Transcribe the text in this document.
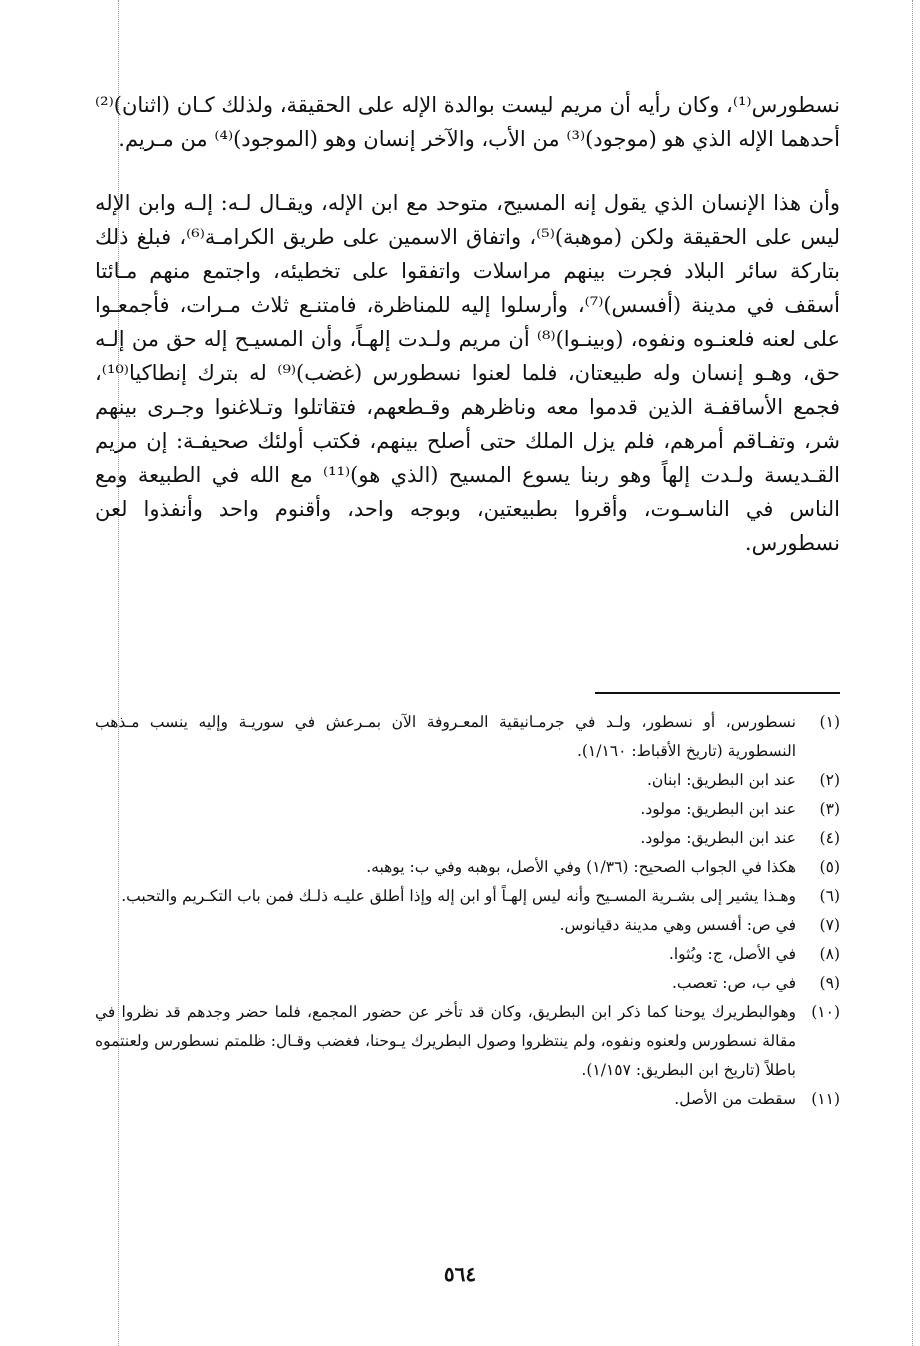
نسطورس⁽¹⁾، وكان رأيه أن مريم ليست بوالدة الإله على الحقيقة، ولذلك كـان (اثنان)⁽²⁾ أحدهما الإله الذي هو (موجود)⁽³⁾ من الأب، والآخر إنسان وهو (الموجود)⁽⁴⁾ من مـريم.

وأن هذا الإنسان الذي يقول إنه المسيح، متوحد مع ابن الإله، ويقـال لـه: إلـه وابن الإله ليس على الحقيقة ولكن (موهبة)⁽⁵⁾، واتفاق الاسمين على طريق الكرامـة⁽⁶⁾، فبلغ ذلك بتاركة سائر البلاد فجرت بينهم مراسلات واتفقوا على تخطيئه، واجتمع منهم مـائتا أسقف في مدينة (أفسس)⁽⁷⁾، وأرسلوا إليه للمناظرة، فامتنـع ثلاث مـرات، فأجمعـوا على لعنه فلعنـوه ونفوه، (وبينـوا)⁽⁸⁾ أن مريم ولـدت إلهـاً، وأن المسيـح إله حق من إلـه حق، وهـو إنسان وله طبيعتان، فلما لعنوا نسطورس (غضب)⁽⁹⁾ له بترك إنطاكيا⁽¹⁰⁾، فجمع الأساقفـة الذين قدموا معه وناظرهم وقـطعهم، فتقاتلوا وتـلاغنوا وجـرى بينهم شر، وتفـاقم أمرهم، فلم يزل الملك حتى أصلح بينهم، فكتب أولئك صحيفـة: إن مريم القـديسة ولـدت إلهاً وهو ربنا يسوع المسيح (الذي هو)⁽¹¹⁾ مع الله في الطبيعة ومع الناس في الناسـوت، وأقروا بطبيعتين، وبوجه واحد، وأقنوم واحد وأنفذوا لعن نسطورس.

(١)
نسطورس، أو نسطور، ولـد في جرمـانيقية المعـروفة الآن بمـرعش في سوريـة وإليه ينسب مـذهب النسطورية (تاريخ الأقباط: ١/١٦٠).
(٢)
عند ابن البطريق: ابنان.
(٣)
عند ابن البطريق: مولود.
(٤)
عند ابن البطريق: مولود.
(٥)
هكذا في الجواب الصحيح: (١/٣٦) وفي الأصل، بوهبه وفي ب: يوهبه.
(٦)
وهـذا يشير إلى بشـرية المسـيح وأنه ليس إلهـاً أو ابن إله وإذا أطلق عليـه ذلـك فمن باب التكـريم والتحبب.
(٧)
في ص: أفسس وهي مدينة دقيانوس.
(٨)
في الأصل، ج: وبُثوا.
(٩)
في ب، ص: تعصب.
(١٠)
وهوالبطريرك يوحنا كما ذكر ابن البطريق، وكان قد تأخر عن حضور المجمع، فلما حضر وجدهم قد نظروا في مقالة نسطورس ولعنوه ونفوه، ولم ينتظروا وصول البطريرك يـوحنا، فغضب وقـال: ظلمتم نسطورس ولعنتموه باطلاً (تاريخ ابن البطريق: ١/١٥٧).
(١١)
سقطت من الأصل.
٥٦٤
